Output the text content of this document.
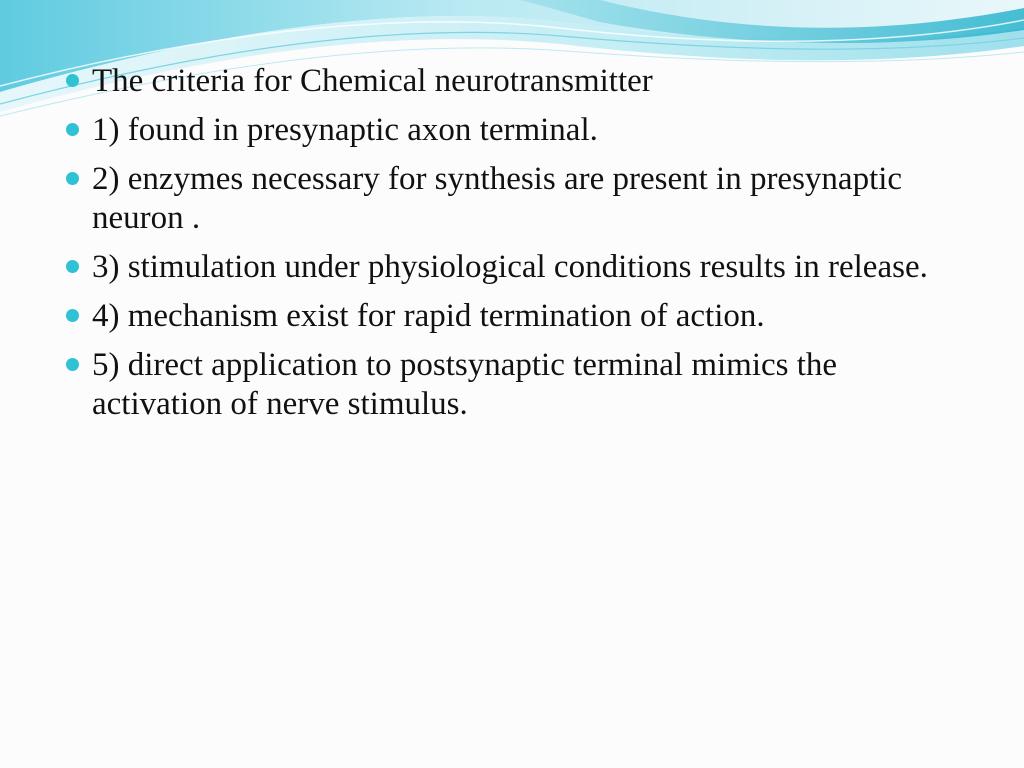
The criteria for Chemical neurotransmitter
1) found in presynaptic axon terminal.
2) enzymes necessary for synthesis are present in presynaptic neuron .
3) stimulation under physiological conditions results in release.
4) mechanism exist for rapid termination of action.
5) direct application to postsynaptic terminal mimics the activation of nerve stimulus.
